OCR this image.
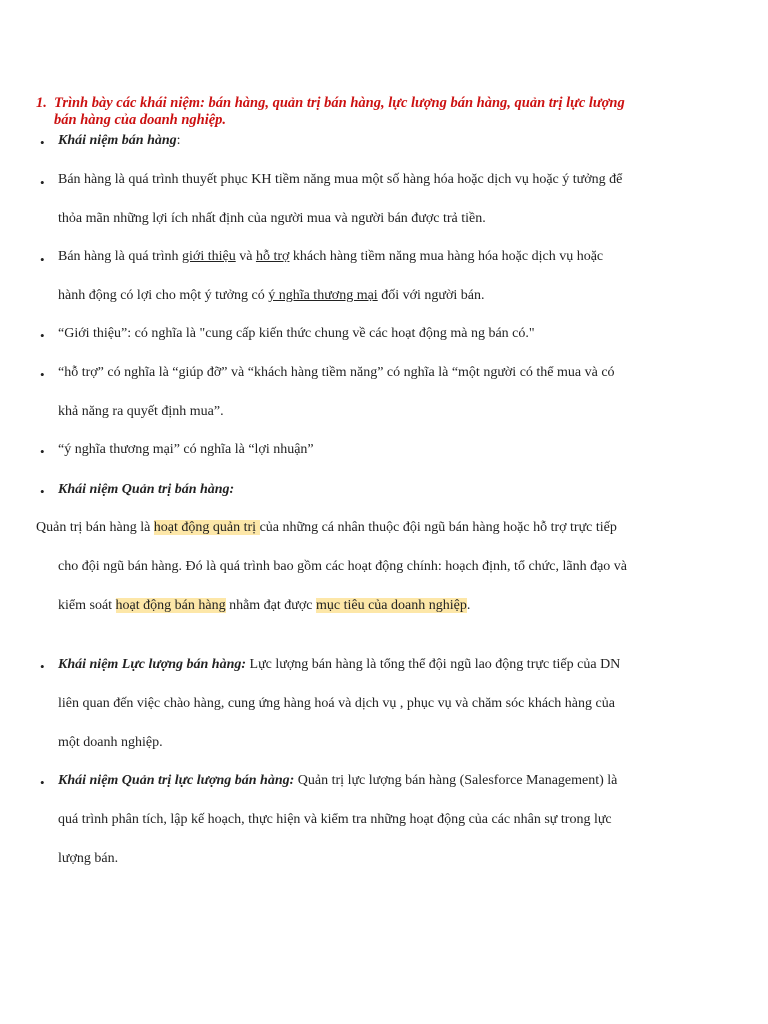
1. Trình bày các khái niệm: bán hàng, quản trị bán hàng, lực lượng bán hàng, quản trị lực lượng
bán hàng của doanh nghiệp.
• Khái niệm bán hàng:
• Bán hàng là quá trình thuyết phục KH tiềm năng mua một số hàng hóa hoặc dịch vụ hoặc ý tưởng để
thỏa mãn những lợi ích nhất định của người mua và người bán được trả tiền.
• Bán hàng là quá trình giới thiệu và hỗ trợ khách hàng tiềm năng mua hàng hóa hoặc dịch vụ hoặc
hành động có lợi cho một ý tưởng có ý nghĩa thương mại đối với người bán.
• “Giới thiệu”: có nghĩa là "cung cấp kiến thức chung về các hoạt động mà ng bán có."
• “hỗ trợ” có nghĩa là “giúp đỡ” và “khách hàng tiềm năng” có nghĩa là “một người có thể mua và có
khả năng ra quyết định mua”.
• “ý nghĩa thương mại” có nghĩa là “lợi nhuận”
• Khái niệm Quản trị bán hàng:
Quản trị bán hàng là hoạt động quản trị của những cá nhân thuộc đội ngũ bán hàng hoặc hỗ trợ trực tiếp
cho đội ngũ bán hàng. Đó là quá trình bao gồm các hoạt động chính: hoạch định, tổ chức, lãnh đạo và
kiểm soát hoạt động bán hàng nhằm đạt được mục tiêu của doanh nghiệp.
• Khái niệm Lực lượng bán hàng: Lực lượng bán hàng là tổng thể đội ngũ lao động trực tiếp của DN
liên quan đến việc chào hàng, cung ứng hàng hoá và dịch vụ , phục vụ và chăm sóc khách hàng của
một doanh nghiệp.
• Khái niệm Quản trị lực lượng bán hàng: Quản trị lực lượng bán hàng (Salesforce Management) là
quá trình phân tích, lập kế hoạch, thực hiện và kiểm tra những hoạt động của các nhân sự trong lực
lượng bán.
